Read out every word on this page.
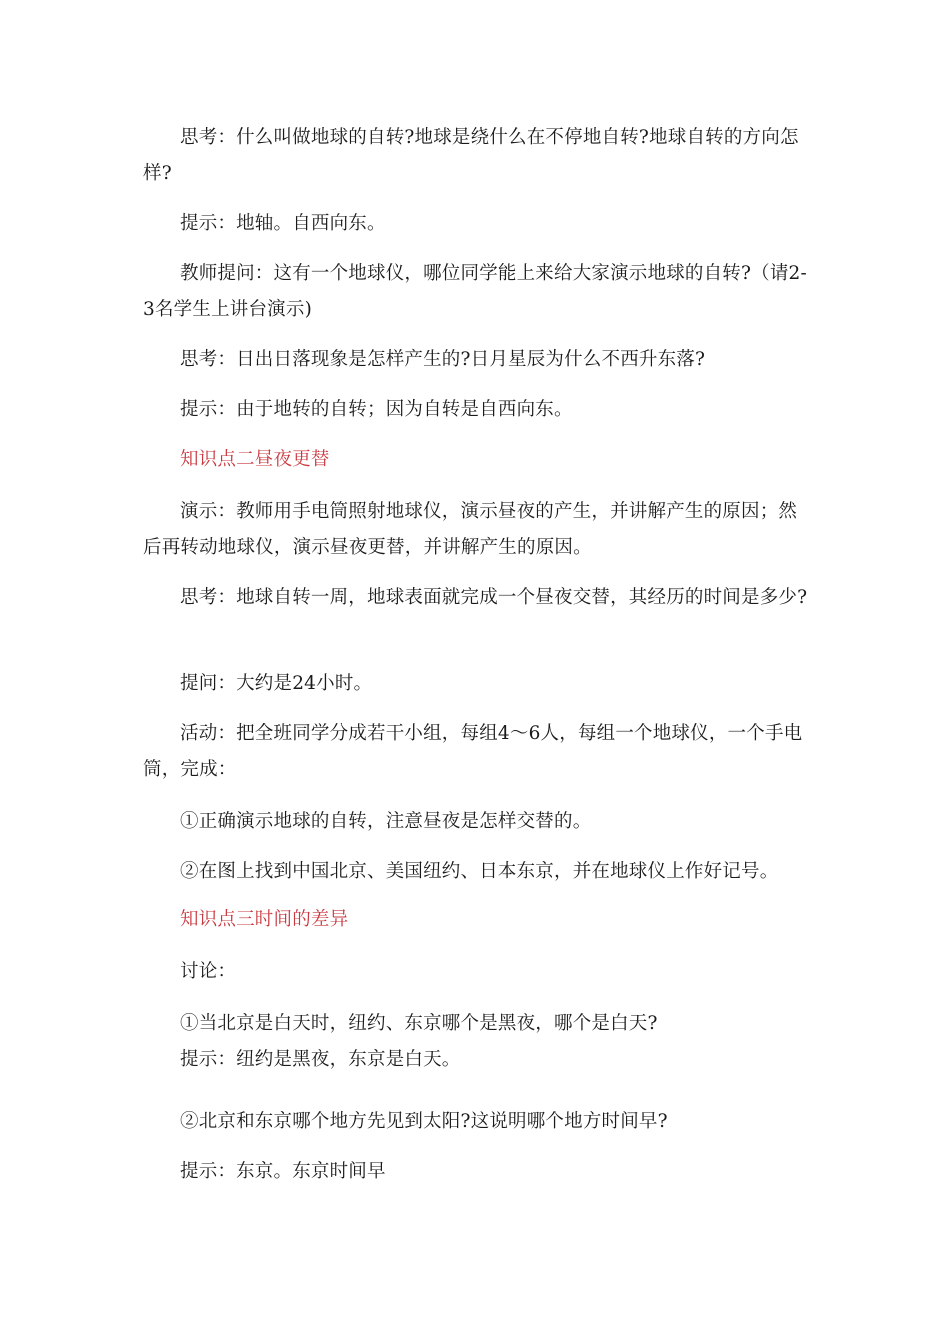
思考：什么叫做地球的自转?地球是绕什么在不停地自转?地球自转的方向怎样?

提示：地轴。自西向东。

教师提问：这有一个地球仪，哪位同学能上来给大家演示地球的自转?（请2-3名学生上讲台演示)

思考：日出日落现象是怎样产生的?日月星辰为什么不西升东落?

提示：由于地转的自转；因为自转是自西向东。

知识点二昼夜更替

演示：教师用手电筒照射地球仪，演示昼夜的产生，并讲解产生的原因；然后再转动地球仪，演示昼夜更替，并讲解产生的原因。

思考：地球自转一周，地球表面就完成一个昼夜交替，其经历的时间是多少?

提问：大约是24小时。

活动：把全班同学分成若干小组，每组4～6人，每组一个地球仪，一个手电筒，完成：

①正确演示地球的自转，注意昼夜是怎样交替的。

②在图上找到中国北京、美国纽约、日本东京，并在地球仪上作好记号。

知识点三时间的差异

讨论：

①当北京是白天时，纽约、东京哪个是黑夜，哪个是白天?

提示：纽约是黑夜，东京是白天。

②北京和东京哪个地方先见到太阳?这说明哪个地方时间早?

提示：东京。东京时间早
